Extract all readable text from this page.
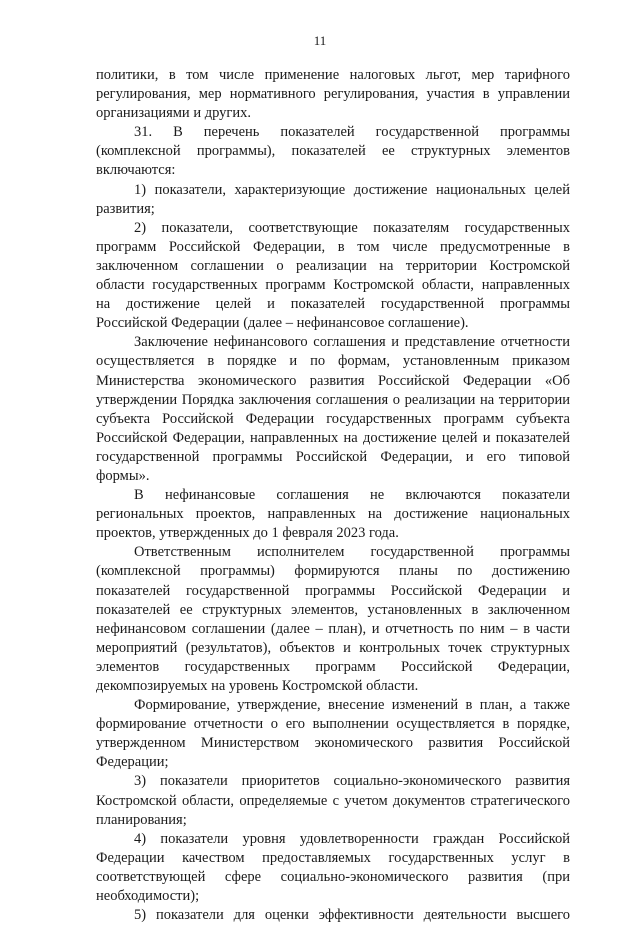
11
политики, в том числе применение налоговых льгот, мер тарифного
регулирования, мер нормативного регулирования, участия в управлении
организациями и других.
31. В перечень показателей государственной программы
(комплексной программы), показателей ее структурных элементов
включаются:
1) показатели, характеризующие достижение национальных целей
развития;
2) показатели, соответствующие показателям государственных
программ Российской Федерации, в том числе предусмотренные в
заключенном соглашении о реализации на территории Костромской
области государственных программ Костромской области, направленных
на достижение целей и показателей государственной программы
Российской Федерации (далее – нефинансовое соглашение).
Заключение нефинансового соглашения и представление отчетности
осуществляется в порядке и по формам, установленным приказом
Министерства экономического развития Российской Федерации «Об
утверждении Порядка заключения соглашения о реализации на территории
субъекта Российской Федерации государственных программ субъекта
Российской Федерации, направленных на достижение целей и показателей
государственной программы Российской Федерации, и его типовой
формы».
В нефинансовые соглашения не включаются показатели
региональных проектов, направленных на достижение национальных
проектов, утвержденных до 1 февраля 2023 года.
Ответственным исполнителем государственной программы
(комплексной программы) формируются планы по достижению
показателей государственной программы Российской Федерации и
показателей ее структурных элементов, установленных в заключенном
нефинансовом соглашении (далее – план), и отчетность по ним – в части
мероприятий (результатов), объектов и контрольных точек структурных
элементов государственных программ Российской Федерации,
декомпозируемых на уровень Костромской области.
Формирование, утверждение, внесение изменений в план, а также
формирование отчетности о его выполнении осуществляется в порядке,
утвержденном Министерством экономического развития Российской
Федерации;
3) показатели приоритетов социально-экономического развития
Костромской области, определяемые с учетом документов стратегического
планирования;
4) показатели уровня удовлетворенности граждан Российской
Федерации качеством предоставляемых государственных услуг в
соответствующей сфере социально-экономического развития (при
необходимости);
5) показатели для оценки эффективности деятельности высшего
